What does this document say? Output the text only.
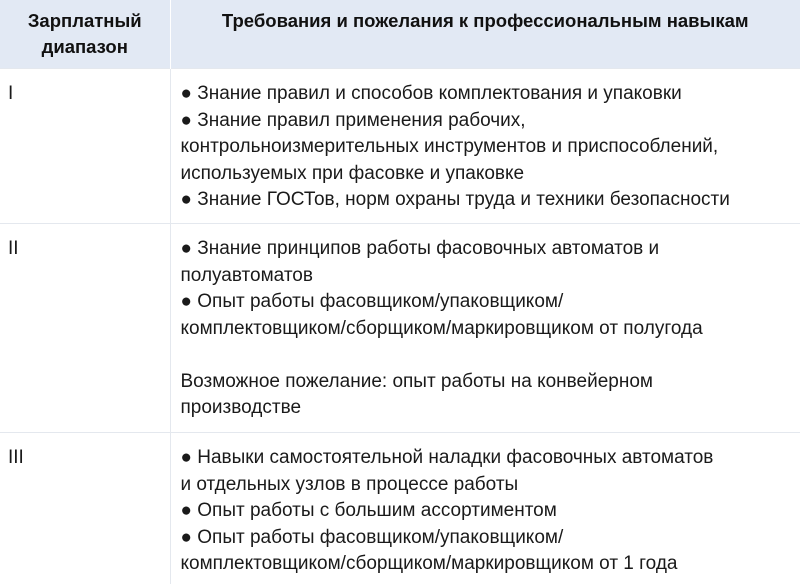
Зарплатный
диапазон	Требования и пожелания к профессиональным навыкам
I	● Знание правил и способов комплектования и упаковки
● Знание правил применения рабочих,
контрольноизмерительных инструментов и приспособлений,
используемых при фасовке и упаковке
● Знание ГОСТов, норм охраны труда и техники безопасности

II	● Знание принципов работы фасовочных автоматов и
полуавтоматов
● Опыт работы фасовщиком/упаковщиком/
комплектовщиком/сборщиком/маркировщиком от полугода
Возможное пожелание: опыт работы на конвейерном
производстве

III	● Навыки самостоятельной наладки фасовочных автоматов
и отдельных узлов в процессе работы
● Опыт работы с большим ассортиментом
● Опыт работы фасовщиком/упаковщиком/
комплектовщиком/сборщиком/маркировщиком от 1 года
